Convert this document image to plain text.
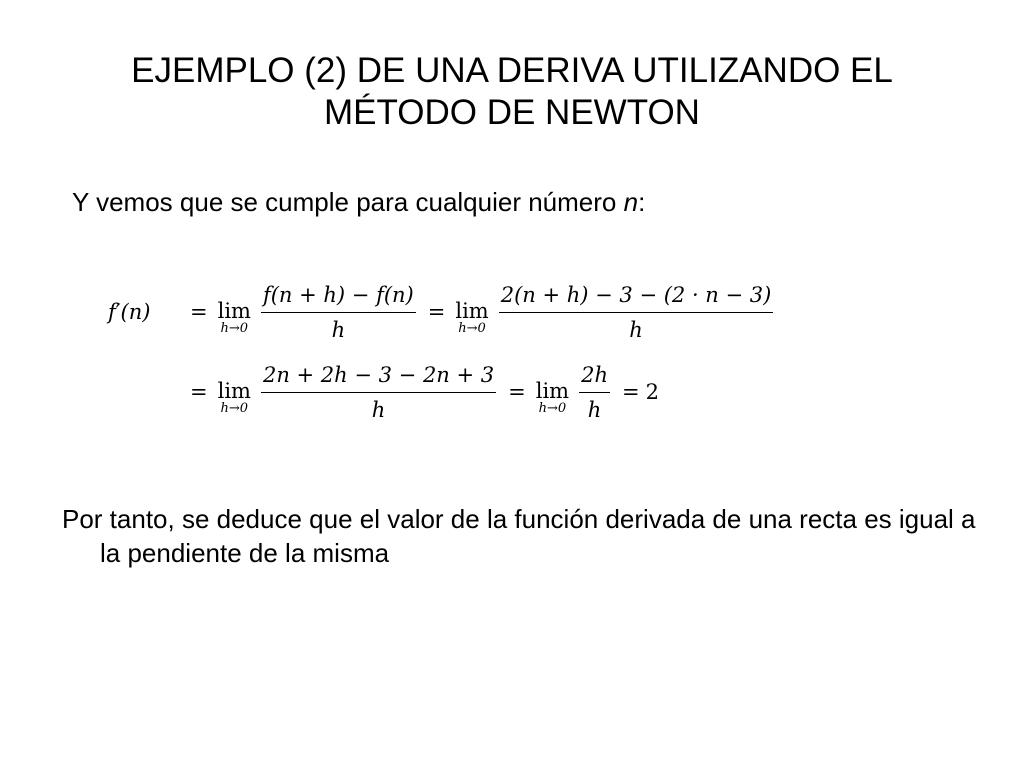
EJEMPLO (2) DE UNA DERIVA UTILIZANDO EL
MÉTODO DE NEWTON
Y vemos que se cumple para cualquier número n:
f′(n)	= lim
$h\to 0 \frac{f(n + h) - f(n)}{h} = \lim$
$h\to 0 \frac{2(n + h) - 3 - (2 \cdot n - 3)}{h}$
= lim
$h\to 0 \frac{2n + 2h - 3 - 2n + 3}{h} = \lim$
$h\to 0 \frac{2h}{h} = 2$
Por tanto, se deduce que el valor de la función derivada de una recta es igual a la pendiente de la misma
